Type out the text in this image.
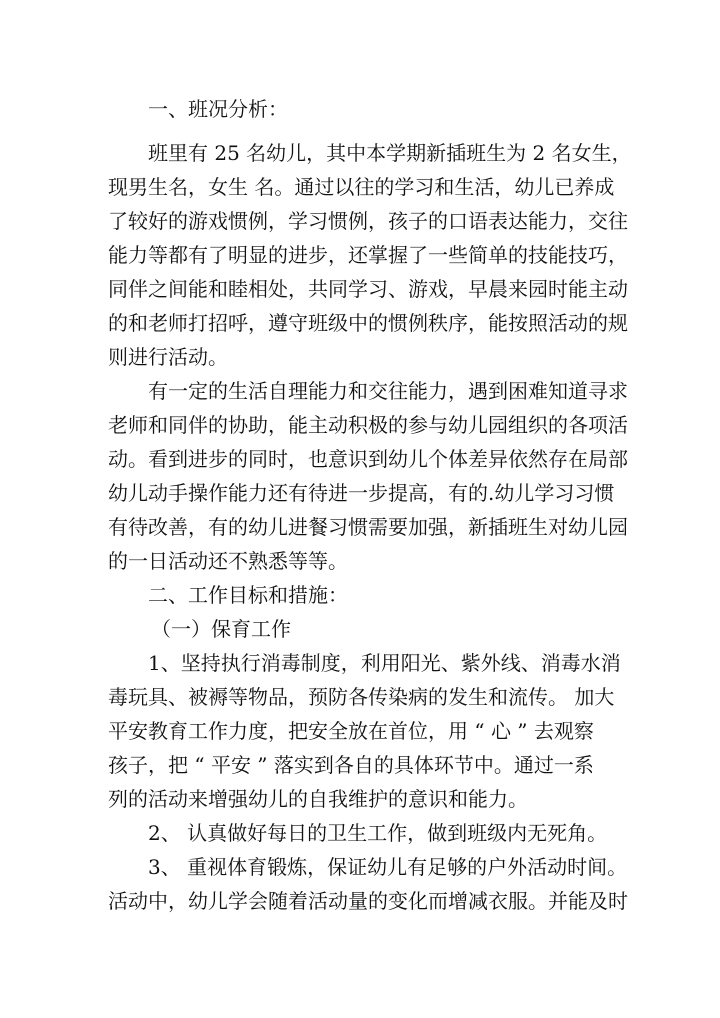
一、班况分析：
班里有 25 名幼儿，其中本学期新插班生为 2 名女生，
现男生名，女生 名。通过以往的学习和生活，幼儿已养成
了较好的游戏惯例，学习惯例，孩子的口语表达能力，交往
能力等都有了明显的进步，还掌握了一些简单的技能技巧，
同伴之间能和睦相处，共同学习、游戏，早晨来园时能主动
的和老师打招呼，遵守班级中的惯例秩序，能按照活动的规
则进行活动。
有一定的生活自理能力和交往能力，遇到困难知道寻求
老师和同伴的协助，能主动积极的参与幼儿园组织的各项活
动。看到进步的同时，也意识到幼儿个体差异依然存在局部
幼儿动手操作能力还有待进一步提高，有的.幼儿学习习惯
有待改善，有的幼儿进餐习惯需要加强，新插班生对幼儿园
的一日活动还不熟悉等等。
二、工作目标和措施：
（一）保育工作
1、坚持执行消毒制度，利用阳光、紫外线、消毒水消
毒玩具、被褥等物品，预防各传染病的发生和流传。 加大
平安教育工作力度，把安全放在首位，用 “ 心 ” 去观察
孩子，把 “ 平安 ” 落实到各自的具体环节中。通过一系
列的活动来增强幼儿的自我维护的意识和能力。
2、 认真做好每日的卫生工作，做到班级内无死角。
3、 重视体育锻炼，保证幼儿有足够的户外活动时间。
活动中，幼儿学会随着活动量的变化而增减衣服。并能及时
